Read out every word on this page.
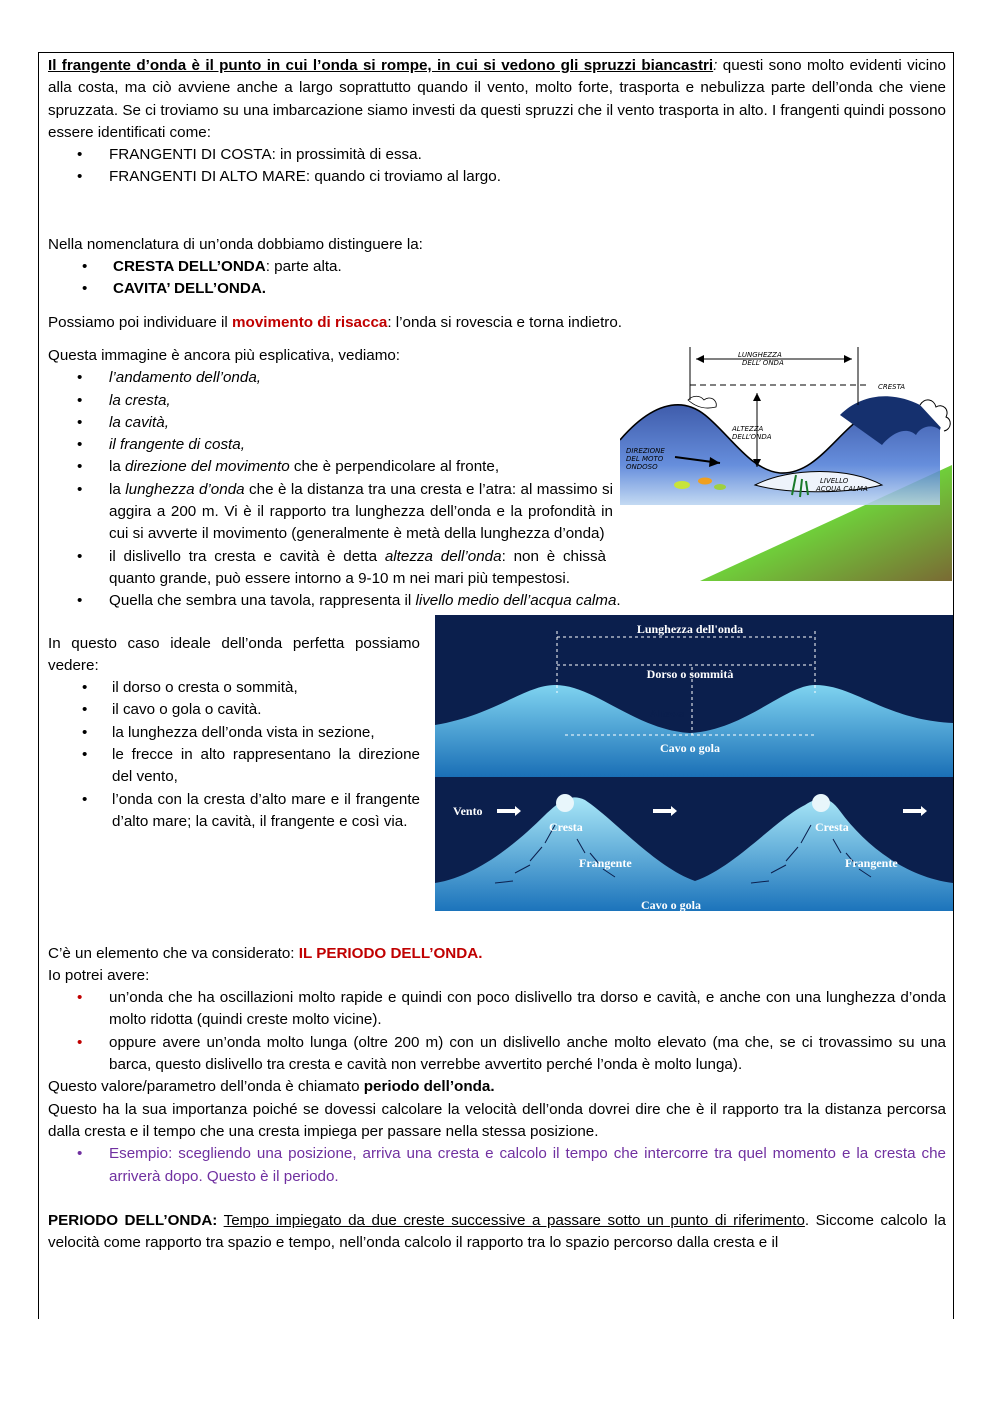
Il frangente d’onda è il punto in cui l’onda si rompe, in cui si vedono gli spruzzi biancastri: questi sono molto evidenti vicino alla costa, ma ciò avviene anche a largo soprattutto quando il vento, molto forte, trasporta e nebulizza parte dell’onda che viene spruzzata. Se ci troviamo su una imbarcazione siamo investi da questi spruzzi che il vento trasporta in alto. I frangenti quindi possono essere identificati come:

• FRANGENTI DI COSTA: in prossimità di essa.
• FRANGENTI DI ALTO MARE: quando ci troviamo al largo.

Nella nomenclatura di un’onda dobbiamo distinguere la:

• CRESTA DELL’ONDA: parte alta.
• CAVITA’ DELL’ONDA.

Possiamo poi individuare il movimento di risacca: l’onda si rovescia e torna indietro.

Questa immagine è ancora più esplicativa, vediamo:

• l’andamento dell’onda,
• la cresta,
• la cavità,
• il frangente di costa,
• la direzione del movimento che è perpendicolare al fronte,
• la lunghezza d’onda che è la distanza tra una cresta e l’atra: al massimo si aggira a 200 m. Vi è il rapporto tra lunghezza dell’onda e la profondità in cui si avverte il movimento (generalmente è metà della lunghezza d’onda)
• il dislivello tra cresta e cavità è detta altezza dell’onda: non è chissà quanto grande, può essere intorno a 9-10 m nei mari più tempestosi.
• Quella che sembra una tavola, rappresenta il livello medio dell’acqua calma.
LUNGHEZZA
DELL’ ONDA
CRESTA
ALTEZZA
DELL’ONDA
DIREZIONE
DEL MOTO
ONDOSO
LIVELLO
ACQUA CALMA

In questo caso ideale dell’onda perfetta possiamo vedere:

• il dorso o cresta o sommità,
• il cavo o gola o cavità.
• la lunghezza dell’onda vista in sezione,
• le frecce in alto rappresentano la direzione del vento,
• l’onda con la cresta d’alto mare e il frangente d’alto mare; la cavità, il frangente e così via.
Lunghezza dell'onda
Dorso o sommità
Altezza
Cavo o gola
Vento
Cresta	Cresta
Frangente	Frangente
Cavo o gola

C’è un elemento che va considerato: IL PERIODO DELL’ONDA.

Io potrei avere:

• un’onda che ha oscillazioni molto rapide e quindi con poco dislivello tra dorso e cavità, e anche con una lunghezza d’onda molto ridotta (quindi creste molto vicine).
• oppure avere un’onda molto lunga (oltre 200 m) con un dislivello anche molto elevato (ma che, se ci trovassimo su una barca, questo dislivello tra cresta e cavità non verrebbe avvertito perché l’onda è molto lunga).

Questo valore/parametro dell’onda è chiamato periodo dell’onda.

Questo ha la sua importanza poiché se dovessi calcolare la velocità dell’onda dovrei dire che è il rapporto tra la distanza percorsa dalla cresta e il tempo che una cresta impiega per passare nella stessa posizione.

• Esempio: scegliendo una posizione, arriva una cresta e calcolo il tempo che intercorre tra quel momento e la cresta che arriverà dopo. Questo è il periodo.

PERIODO DELL’ONDA: Tempo impiegato da due creste successive a passare sotto un punto di riferimento. Siccome calcolo la velocità come rapporto tra spazio e tempo, nell’onda calcolo il rapporto tra lo spazio percorso dalla cresta e il
